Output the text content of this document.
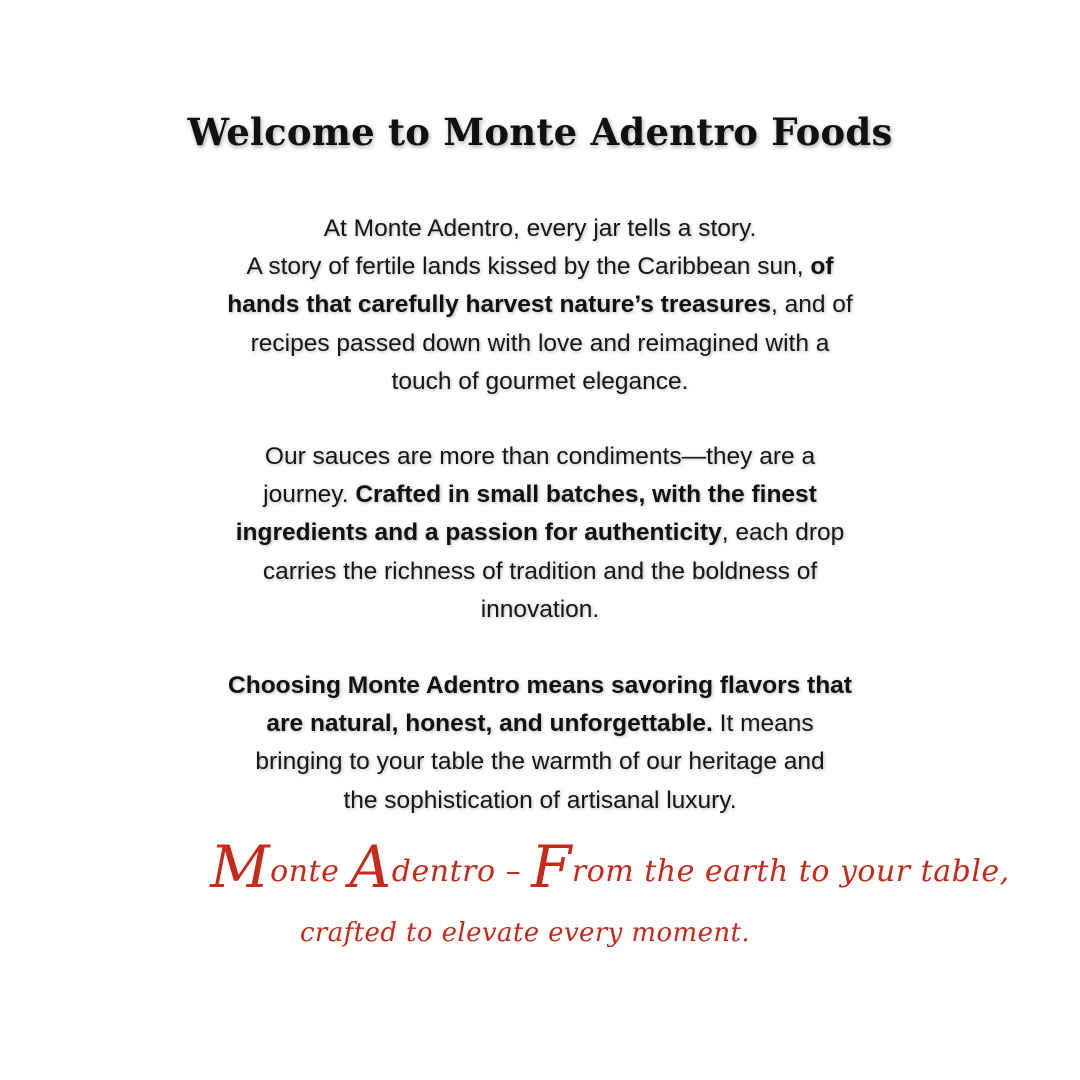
Welcome to Monte Adentro Foods

At Monte Adentro, every jar tells a story.
A story of fertile lands kissed by the Caribbean sun, of
hands that carefully harvest nature’s treasures, and of
recipes passed down with love and reimagined with a
touch of gourmet elegance.

Our sauces are more than condiments—they are a
journey. Crafted in small batches, with the finest
ingredients and a passion for authenticity, each drop
carries the richness of tradition and the boldness of
innovation.

Choosing Monte Adentro means savoring flavors that
are natural, honest, and unforgettable. It means
bringing to your table the warmth of our heritage and
the sophistication of artisanal luxury.

Monte Adentro – From the earth to your table,
crafted to elevate every moment.
